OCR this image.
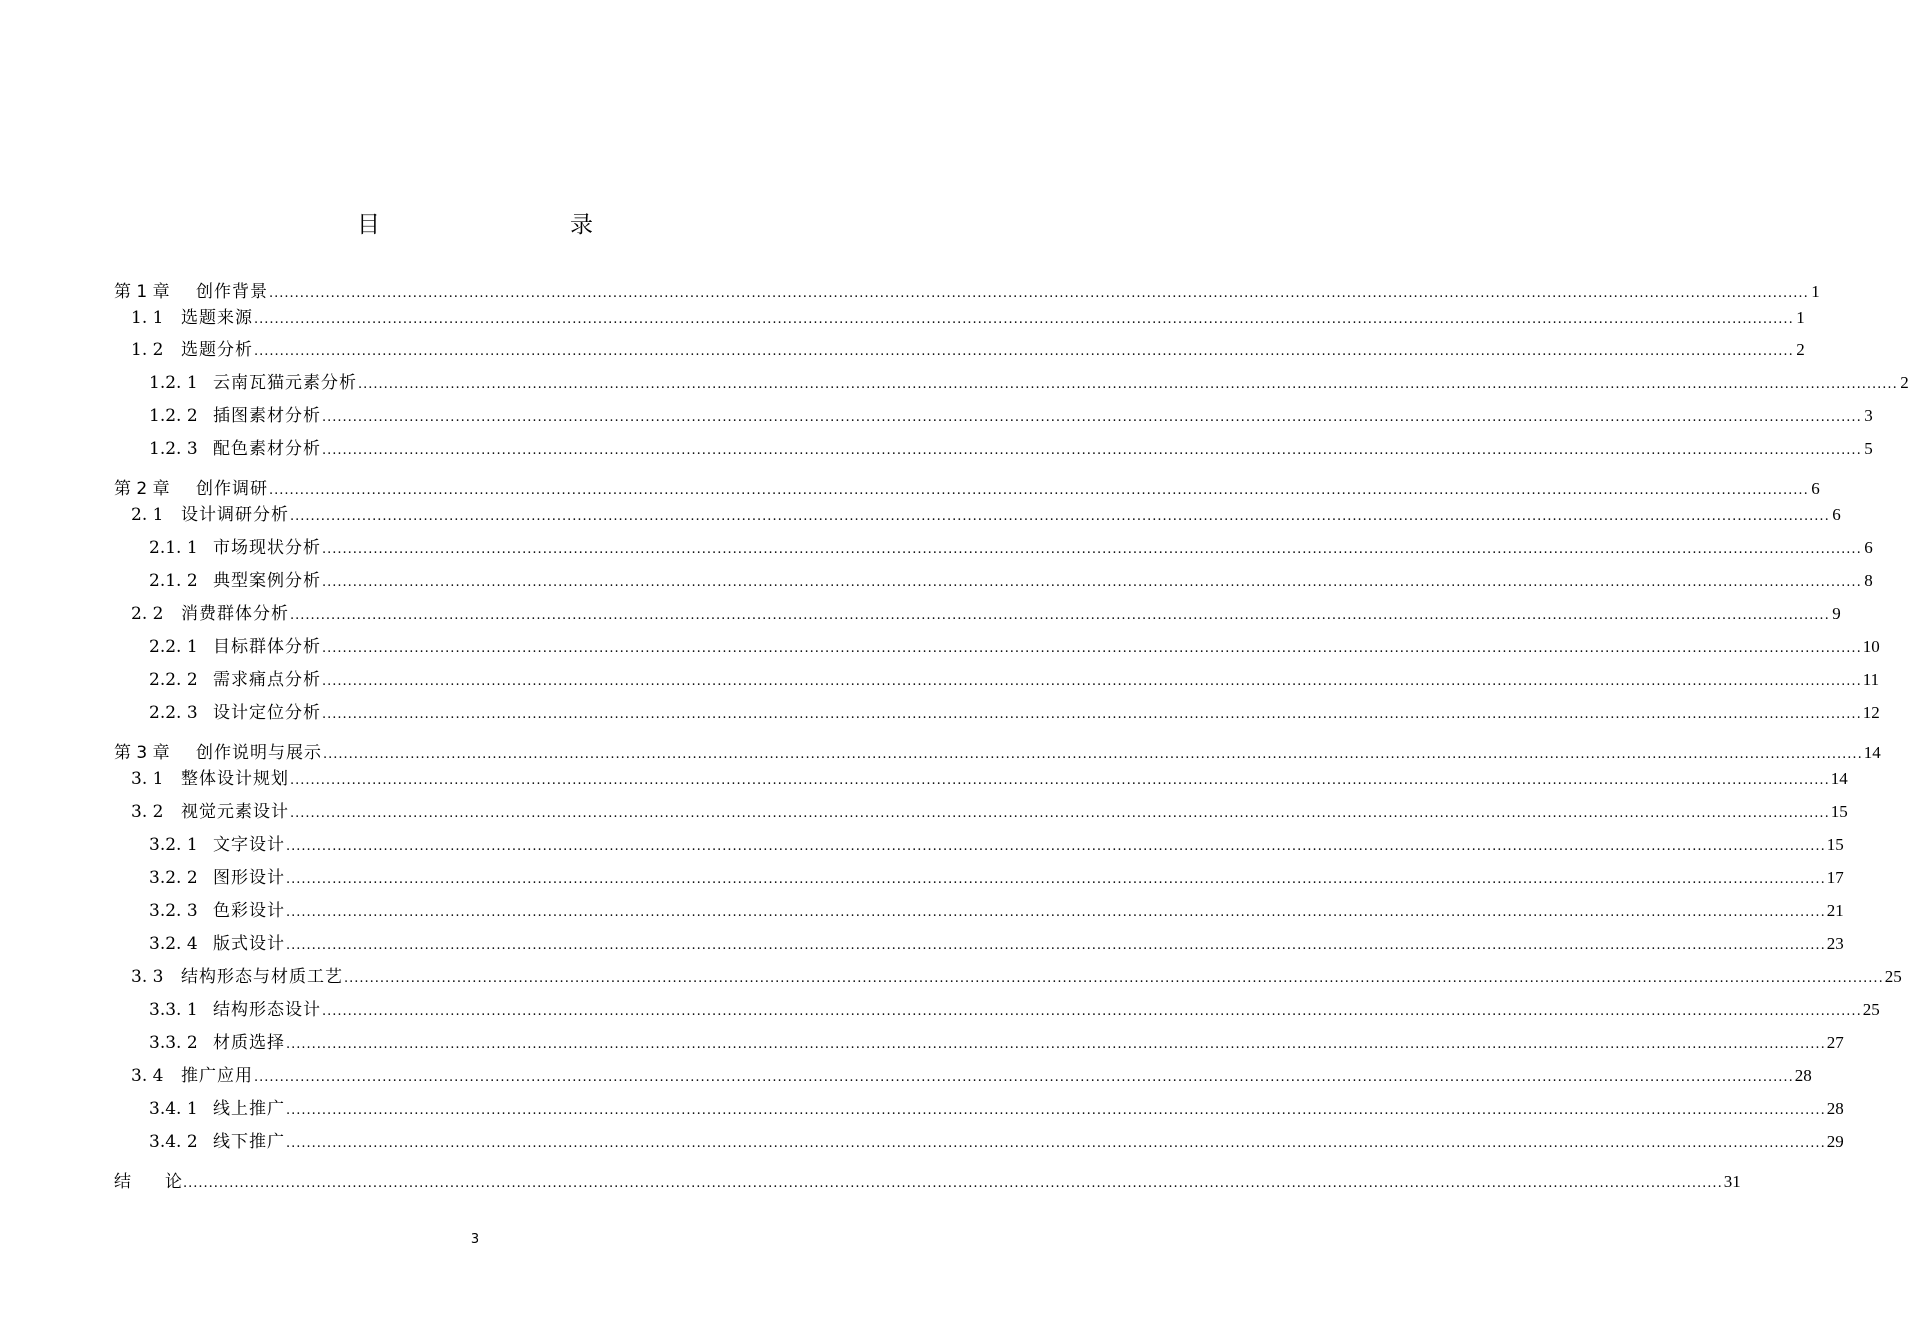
目　　录
第 1 章	创作背景 ............................................................................................................................................................................................................................................................................................................ 1
1. 1	选题来源 ............................................................................................................................................................................................................................................................................................................ 1
1. 2	选题分析 ............................................................................................................................................................................................................................................................................................................ 2
1.2. 1 云南瓦猫元素分析 ............................................................................................................................................................................................................................................................................................................ 2
1.2. 2 插图素材分析 ............................................................................................................................................................................................................................................................................................................ 3
1.2. 3 配色素材分析 ............................................................................................................................................................................................................................................................................................................ 5
第 2 章	创作调研 ............................................................................................................................................................................................................................................................................................................ 6
2. 1	设计调研分析 ............................................................................................................................................................................................................................................................................................................ 6
2.1. 1 市场现状分析 ............................................................................................................................................................................................................................................................................................................ 6
2.1. 2 典型案例分析 ............................................................................................................................................................................................................................................................................................................ 8
2. 2	消费群体分析 ............................................................................................................................................................................................................................................................................................................ 9
2.2. 1 目标群体分析 ............................................................................................................................................................................................................................................................................................................ 10
2.2. 2 需求痛点分析 ............................................................................................................................................................................................................................................................................................................ 11
2.2. 3 设计定位分析 ............................................................................................................................................................................................................................................................................................................ 12
第 3 章	创作说明与展示 ............................................................................................................................................................................................................................................................................................................ 14
3. 1	整体设计规划 ............................................................................................................................................................................................................................................................................................................ 14
3. 2	视觉元素设计 ............................................................................................................................................................................................................................................................................................................ 15
3.2. 1 文字设计 ............................................................................................................................................................................................................................................................................................................ 15
3.2. 2 图形设计 ............................................................................................................................................................................................................................................................................................................ 17
3.2. 3 色彩设计 ............................................................................................................................................................................................................................................................................................................ 21
3.2. 4 版式设计 ............................................................................................................................................................................................................................................................................................................ 23
3. 3	结构形态与材质工艺 ............................................................................................................................................................................................................................................................................................................ 25
3.3. 1 结构形态设计 ............................................................................................................................................................................................................................................................................................................ 25
3.3. 2 材质选择 ............................................................................................................................................................................................................................................................................................................ 27
3. 4	推广应用 ............................................................................................................................................................................................................................................................................................................ 28
3.4. 1 线上推广 ............................................................................................................................................................................................................................................................................................................ 28
3.4. 2 线下推广 ............................................................................................................................................................................................................................................................................................................ 29
结　　论 ............................................................................................................................................................................................................................................................................................................ 31
3
